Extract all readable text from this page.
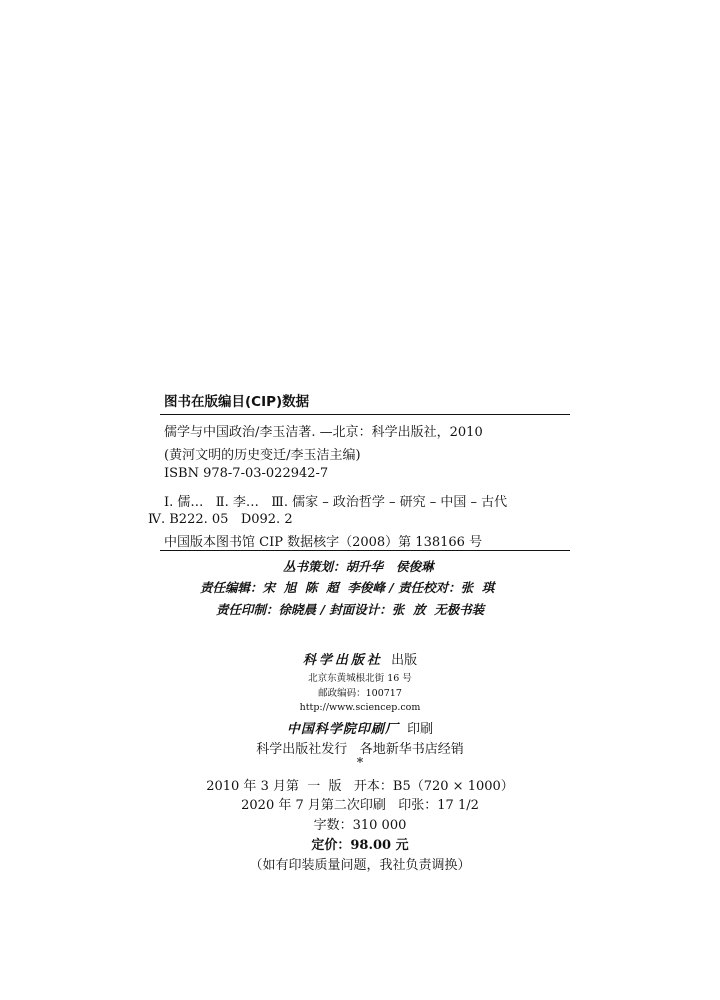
图书在版编目(CIP)数据
儒学与中国政治/李玉洁著. —北京：科学出版社，2010
(黄河文明的历史变迁/李玉洁主编)
ISBN 978-7-03-022942-7
Ⅰ. 儒…   Ⅱ. 李…   Ⅲ. 儒家 – 政治哲学 – 研究 – 中国 – 古代
Ⅳ. B222. 05   D092. 2
中国版本图书馆 CIP 数据核字（2008）第 138166 号
丛书策划：胡升华   侯俊琳
责任编辑：宋  旭  陈  超  李俊峰 / 责任校对：张  琪
责任印制：徐晓晨 / 封面设计：张  放  无极书装
科学出版社 出版
北京东黄城根北街 16 号
邮政编码：100717
http://www.sciencep.com
中国科学院印刷厂 印刷
科学出版社发行   各地新华书店经销
*
2010 年 3 月第  一  版   开本：B5（720 × 1000）
2020 年 7 月第二次印刷   印张：17 1/2
字数：310 000
定价：98.00 元
（如有印装质量问题，我社负责调换）
